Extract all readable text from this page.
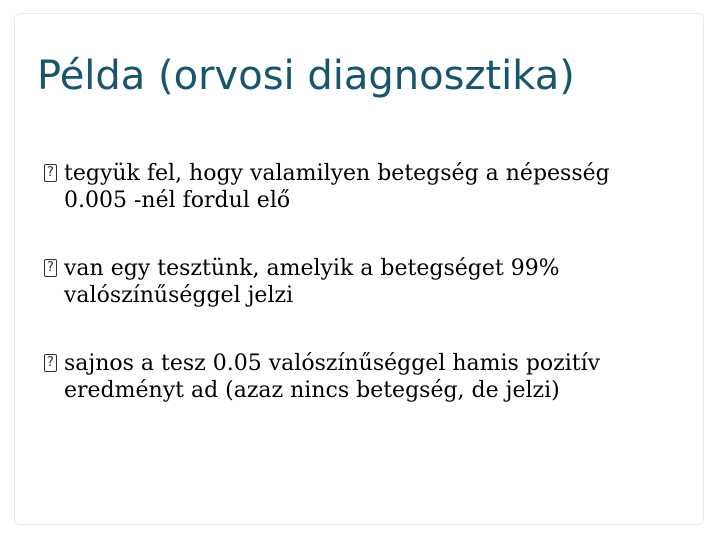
Példa (orvosi diagnosztika)
? tegyük fel, hogy valamilyen betegség a népesség 0.005 -nél fordul elő
? van egy tesztünk, amelyik a betegséget 99% valószínűséggel jelzi
? sajnos a tesz 0.05 valószínűséggel hamis pozitív eredményt ad (azaz nincs betegség, de jelzi)
